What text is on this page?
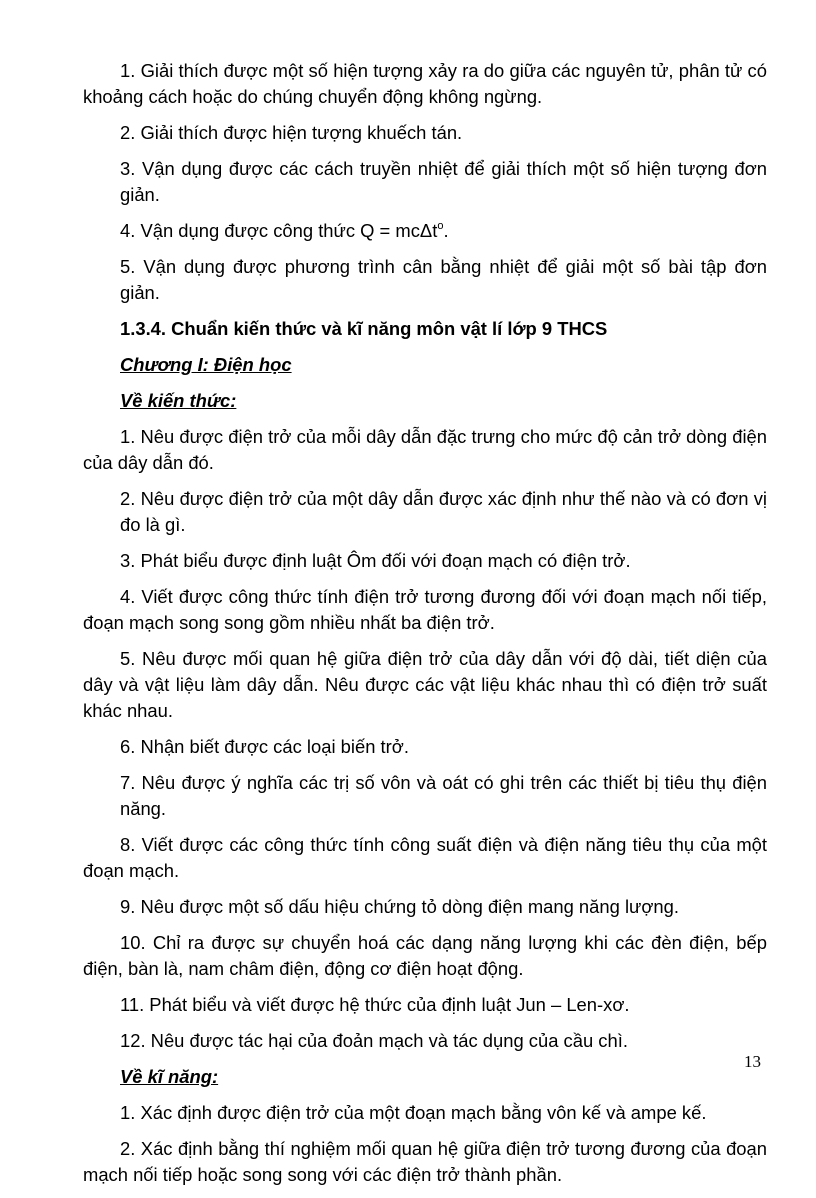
1. Giải thích được một số hiện tượng xảy ra do giữa các nguyên tử, phân tử có khoảng cách hoặc do chúng chuyển động không ngừng.

2. Giải thích được hiện tượng khuếch tán.

3. Vận dụng được các cách truyền nhiệt để giải thích một số hiện tượng đơn giản.

4. Vận dụng được công thức Q = mcΔt$^o$.

5. Vận dụng được phương trình cân bằng nhiệt để giải một số bài tập đơn giản.

1.3.4. Chuẩn kiến thức và kĩ năng môn vật lí lớp 9 THCS

Chương I: Điện học

Về kiến thức:

1. Nêu được điện trở của mỗi dây dẫn đặc trưng cho mức độ cản trở dòng điện của dây dẫn đó.

2. Nêu được điện trở của một dây dẫn được xác định như thế nào và có đơn vị đo là gì.

3. Phát biểu được định luật Ôm đối với đoạn mạch có điện trở.

4. Viết được công thức tính điện trở tương đương đối với đoạn mạch nối tiếp, đoạn mạch song song gồm nhiều nhất ba điện trở.

5. Nêu được mối quan hệ giữa điện trở của dây dẫn với độ dài, tiết diện của dây và vật liệu làm dây dẫn. Nêu được các vật liệu khác nhau thì có điện trở suất khác nhau.

6. Nhận biết được các loại biến trở.

7. Nêu được ý nghĩa các trị số vôn và oát có ghi trên các thiết bị tiêu thụ điện năng.

8. Viết được các công thức tính công suất điện và điện năng tiêu thụ của một đoạn mạch.

9. Nêu được một số dấu hiệu chứng tỏ dòng điện mang năng lượng.

10. Chỉ ra được sự chuyển hoá các dạng năng lượng khi các đèn điện, bếp điện, bàn là, nam châm điện, động cơ điện hoạt động.

11. Phát biểu và viết được hệ thức của định luật Jun – Len-xơ.

12. Nêu được tác hại của đoản mạch và tác dụng của cầu chì.

Về kĩ năng:

1. Xác định được điện trở của một đoạn mạch bằng vôn kế và ampe kế.

2. Xác định bằng thí nghiệm mối quan hệ giữa điện trở tương đương của đoạn mạch nối tiếp hoặc song song với các điện trở thành phần.

13
